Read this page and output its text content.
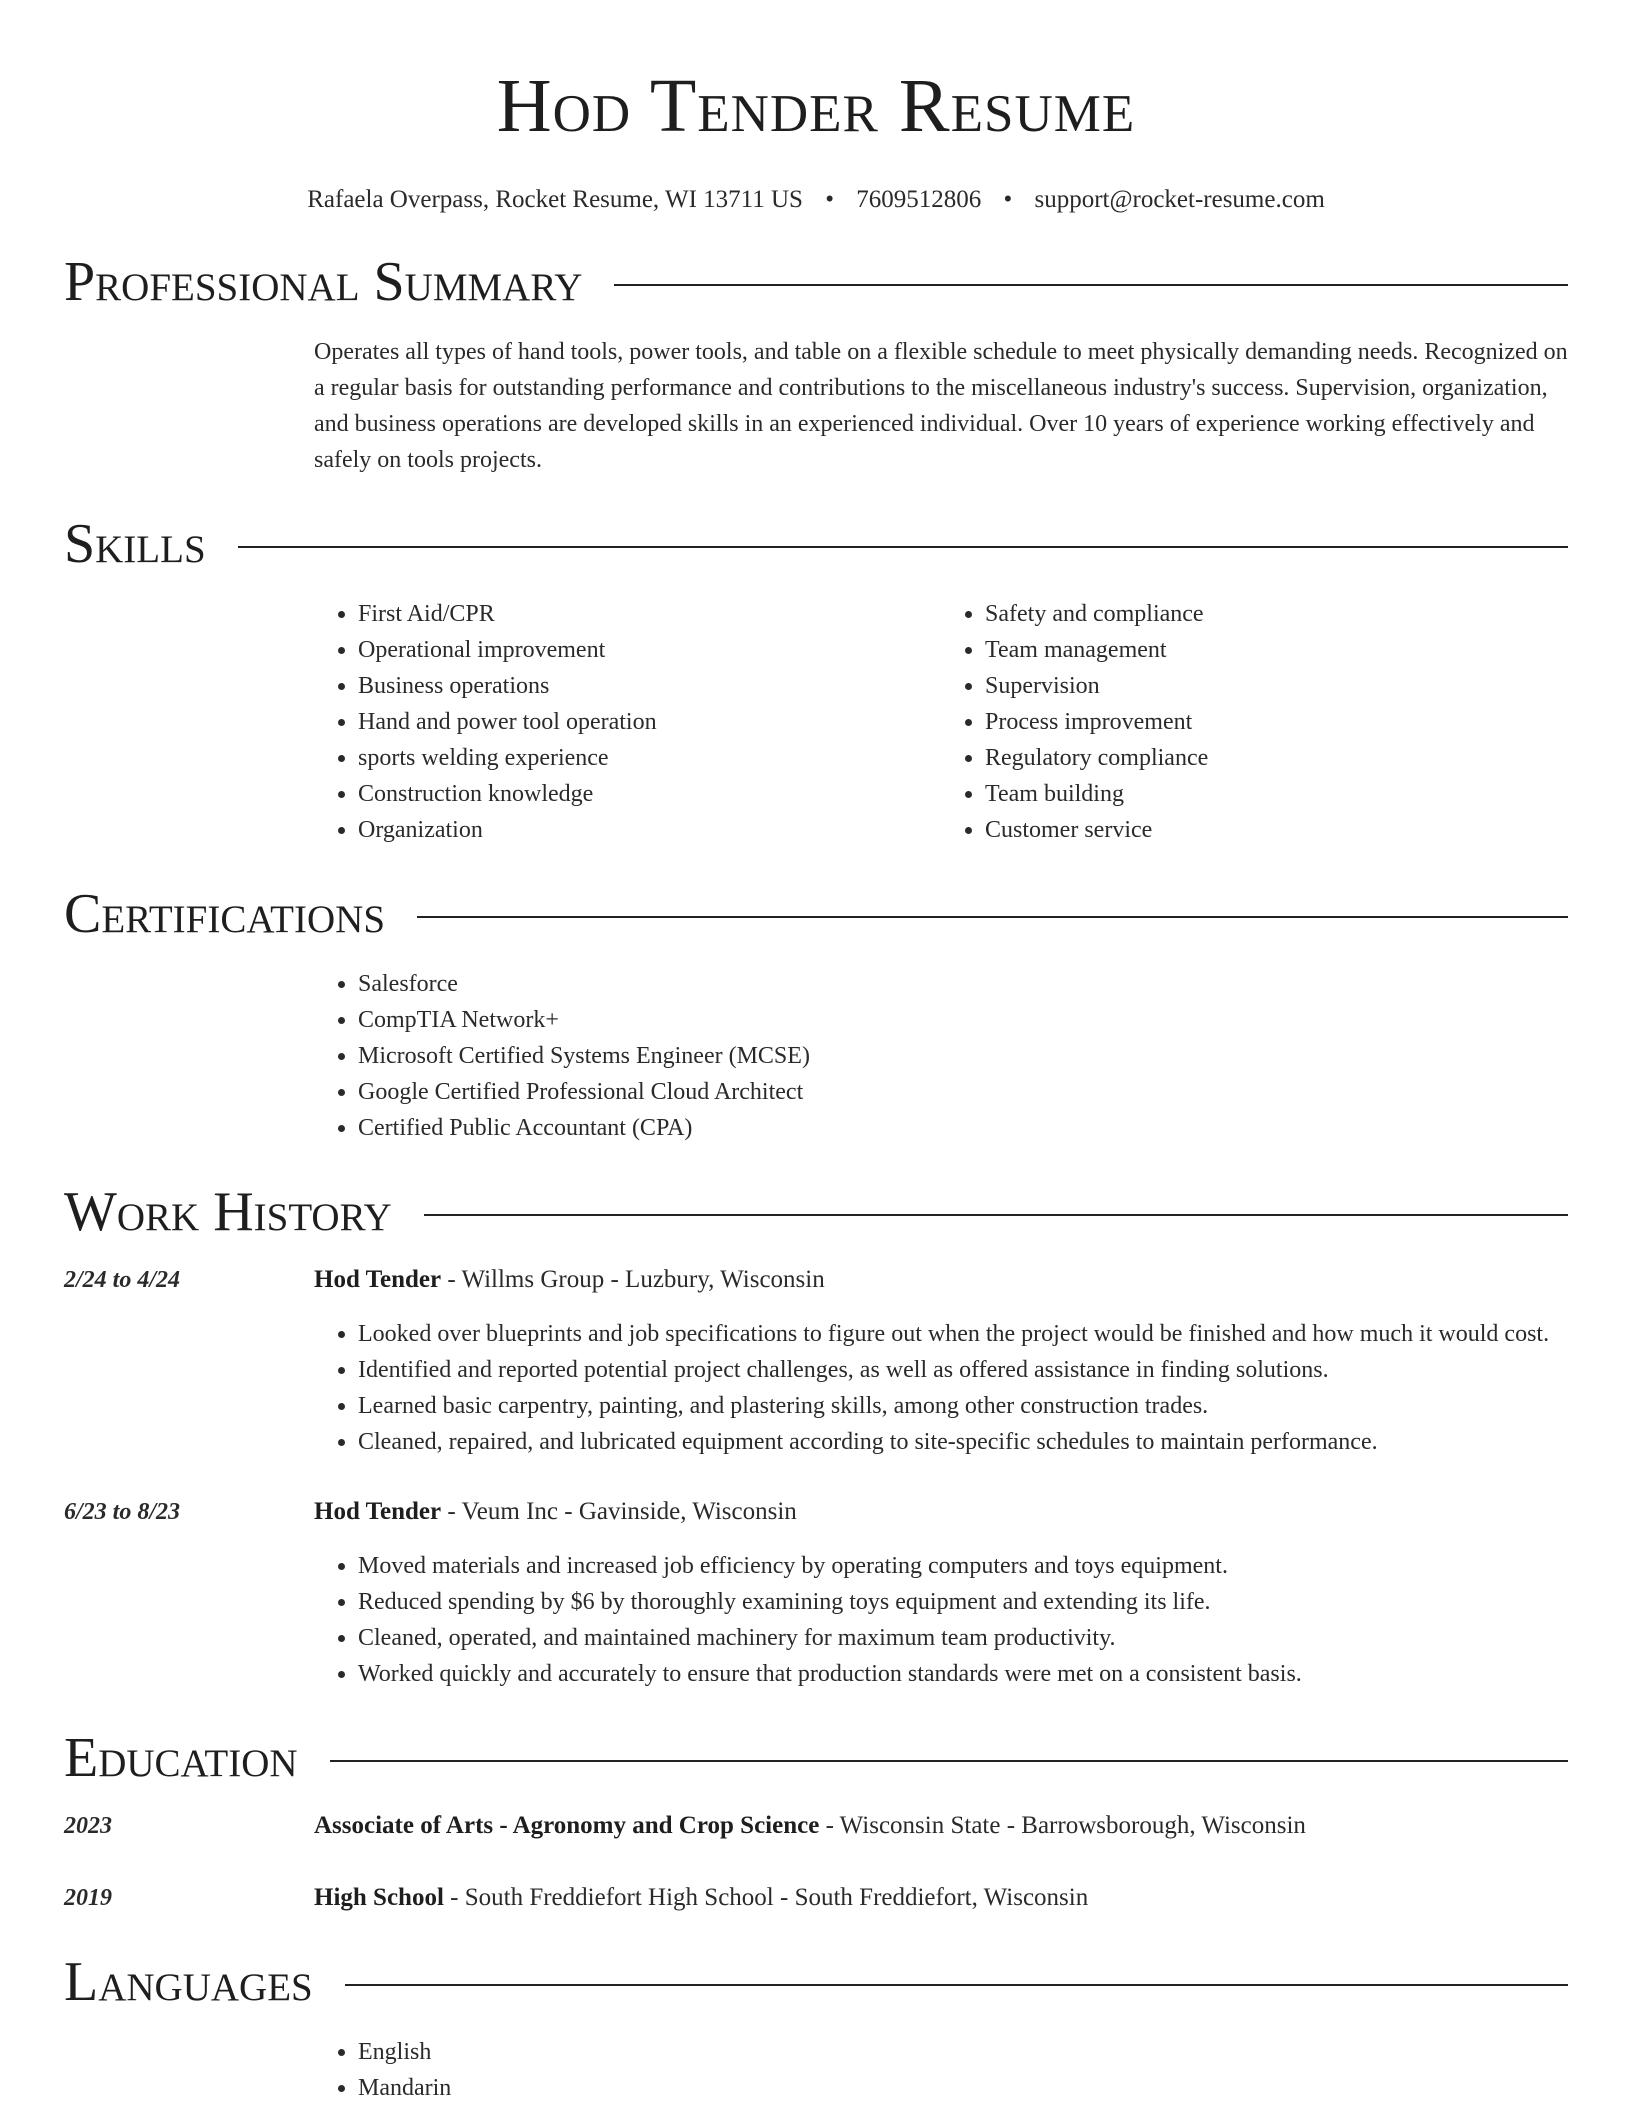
Hod Tender Resume
Rafaela Overpass, Rocket Resume, WI 13711 US • 7609512806 • support@rocket-resume.com
Professional Summary
Operates all types of hand tools, power tools, and table on a flexible schedule to meet physically demanding needs. Recognized on a regular basis for outstanding performance and contributions to the miscellaneous industry's success. Supervision, organization, and business operations are developed skills in an experienced individual. Over 10 years of experience working effectively and safely on tools projects.
Skills
• First Aid/CPR
• Operational improvement
• Business operations
• Hand and power tool operation
• sports welding experience
• Construction knowledge
• Organization
• Safety and compliance
• Team management
• Supervision
• Process improvement
• Regulatory compliance
• Team building
• Customer service
Certifications
• Salesforce
• CompTIA Network+
• Microsoft Certified Systems Engineer (MCSE)
• Google Certified Professional Cloud Architect
• Certified Public Accountant (CPA)
Work History
2/24 to 4/24	Hod Tender - Willms Group - Luzbury, Wisconsin
• Looked over blueprints and job specifications to figure out when the project would be finished and how much it would cost.
• Identified and reported potential project challenges, as well as offered assistance in finding solutions.
• Learned basic carpentry, painting, and plastering skills, among other construction trades.
• Cleaned, repaired, and lubricated equipment according to site-specific schedules to maintain performance.
6/23 to 8/23	Hod Tender - Veum Inc - Gavinside, Wisconsin
• Moved materials and increased job efficiency by operating computers and toys equipment.
• Reduced spending by $6 by thoroughly examining toys equipment and extending its life.
• Cleaned, operated, and maintained machinery for maximum team productivity.
• Worked quickly and accurately to ensure that production standards were met on a consistent basis.
Education
2023	Associate of Arts - Agronomy and Crop Science - Wisconsin State - Barrowsborough, Wisconsin
2019	High School - South Freddiefort High School - South Freddiefort, Wisconsin
Languages
• English
• Mandarin
